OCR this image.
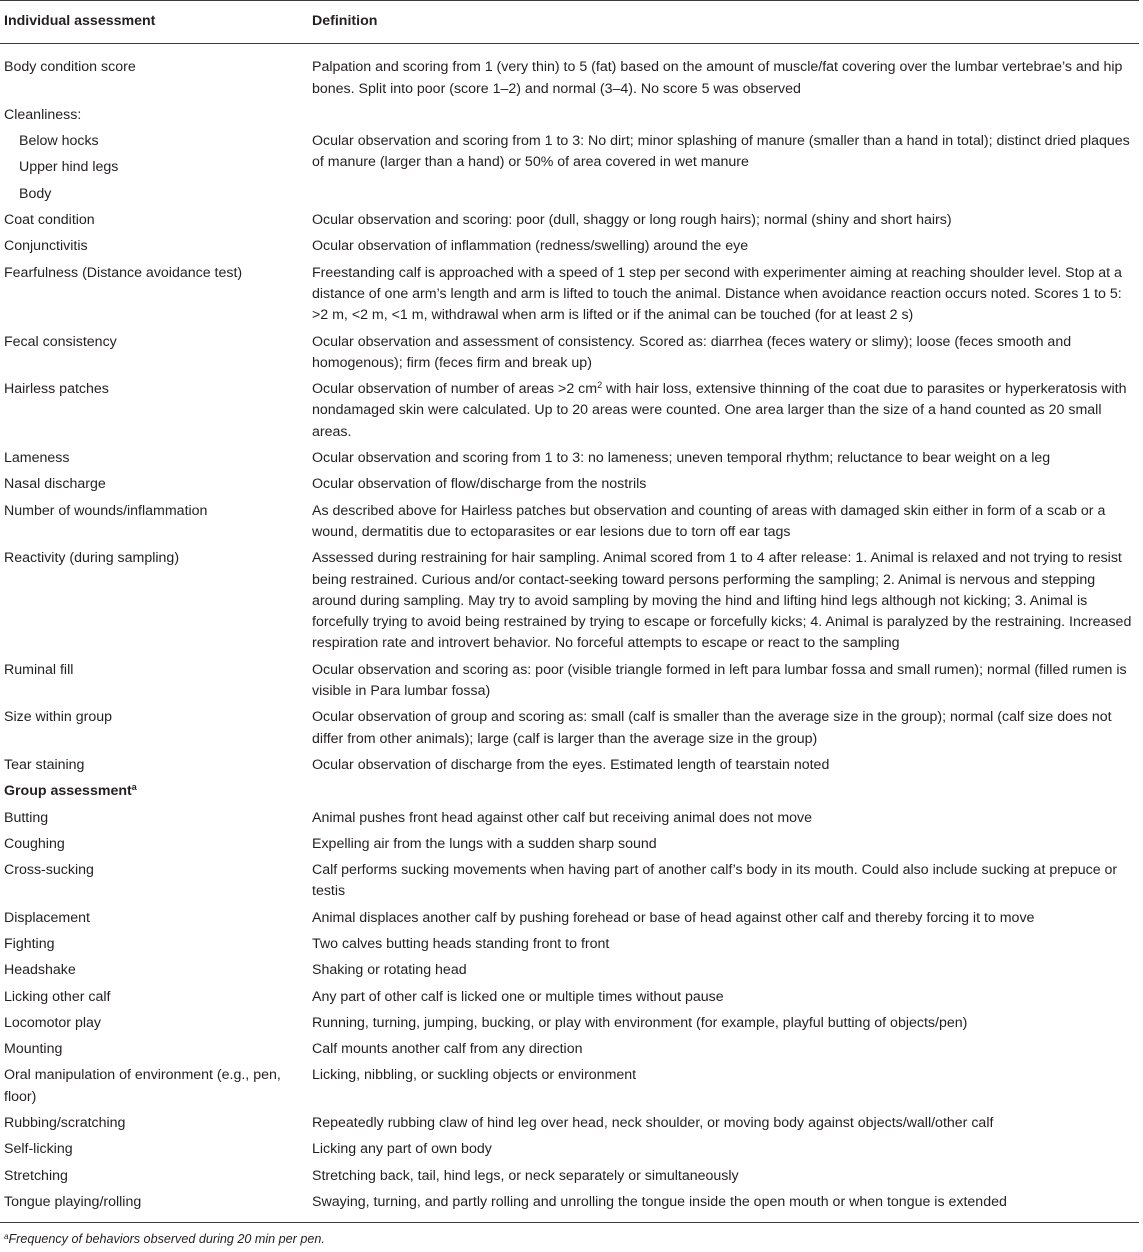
Individual assessment	Definition
Body condition score	Palpation and scoring from 1 (very thin) to 5 (fat) based on the amount of muscle/fat covering over the lumbar vertebrae’s and hip bones. Split into poor (score 1–2) and normal (3–4). No score 5 was observed
Cleanliness:	
Below hocks	Ocular observation and scoring from 1 to 3: No dirt; minor splashing of manure (smaller than a hand in total); distinct dried plaques of manure (larger than a hand) or 50% of area covered in wet manure
Upper hind legs	
Body	
Coat condition	Ocular observation and scoring: poor (dull, shaggy or long rough hairs); normal (shiny and short hairs)
Conjunctivitis	Ocular observation of inflammation (redness/swelling) around the eye
Fearfulness (Distance avoidance test)	Freestanding calf is approached with a speed of 1 step per second with experimenter aiming at reaching shoulder level. Stop at a distance of one arm’s length and arm is lifted to touch the animal. Distance when avoidance reaction occurs noted. Scores 1 to 5: >2 m, <2 m, <1 m, withdrawal when arm is lifted or if the animal can be touched (for at least 2 s)
Fecal consistency	Ocular observation and assessment of consistency. Scored as: diarrhea (feces watery or slimy); loose (feces smooth and homogenous); firm (feces firm and break up)
Hairless patches	Ocular observation of number of areas >2 $cm^2$ with hair loss, extensive thinning of the coat due to parasites or hyperkeratosis with nondamaged skin were calculated. Up to 20 areas were counted. One area larger than the size of a hand counted as 20 small areas.
Lameness	Ocular observation and scoring from 1 to 3: no lameness; uneven temporal rhythm; reluctance to bear weight on a leg
Nasal discharge	Ocular observation of flow/discharge from the nostrils
Number of wounds/inflammation	As described above for Hairless patches but observation and counting of areas with damaged skin either in form of a scab or a wound, dermatitis due to ectoparasites or ear lesions due to torn off ear tags
Reactivity (during sampling)	Assessed during restraining for hair sampling. Animal scored from 1 to 4 after release: 1. Animal is relaxed and not trying to resist being restrained. Curious and/or contact-seeking toward persons performing the sampling; 2. Animal is nervous and stepping around during sampling. May try to avoid sampling by moving the hind and lifting hind legs although not kicking; 3. Animal is forcefully trying to avoid being restrained by trying to escape or forcefully kicks; 4. Animal is paralyzed by the restraining. Increased respiration rate and introvert behavior. No forceful attempts to escape or react to the sampling
Ruminal fill	Ocular observation and scoring as: poor (visible triangle formed in left para lumbar fossa and small rumen); normal (filled rumen is visible in Para lumbar fossa)
Size within group	Ocular observation of group and scoring as: small (calf is smaller than the average size in the group); normal (calf size does not differ from other animals); large (calf is larger than the average size in the group)
Tear staining	Ocular observation of discharge from the eyes. Estimated length of tearstain noted
Group assessment$^a$	
Butting	Animal pushes front head against other calf but receiving animal does not move
Coughing	Expelling air from the lungs with a sudden sharp sound
Cross-sucking	Calf performs sucking movements when having part of another calf’s body in its mouth. Could also include sucking at prepuce or testis
Displacement	Animal displaces another calf by pushing forehead or base of head against other calf and thereby forcing it to move
Fighting	Two calves butting heads standing front to front
Headshake	Shaking or rotating head
Licking other calf	Any part of other calf is licked one or multiple times without pause
Locomotor play	Running, turning, jumping, bucking, or play with environment (for example, playful butting of objects/pen)
Mounting	Calf mounts another calf from any direction
Oral manipulation of environment (e.g., pen, floor)	Licking, nibbling, or suckling objects or environment
Rubbing/scratching	Repeatedly rubbing claw of hind leg over head, neck shoulder, or moving body against objects/wall/other calf
Self-licking	Licking any part of own body
Stretching	Stretching back, tail, hind legs, or neck separately or simultaneously
Tongue playing/rolling	Swaying, turning, and partly rolling and unrolling the tongue inside the open mouth or when tongue is extended
$^a$Frequency of behaviors observed during 20 min per pen.
